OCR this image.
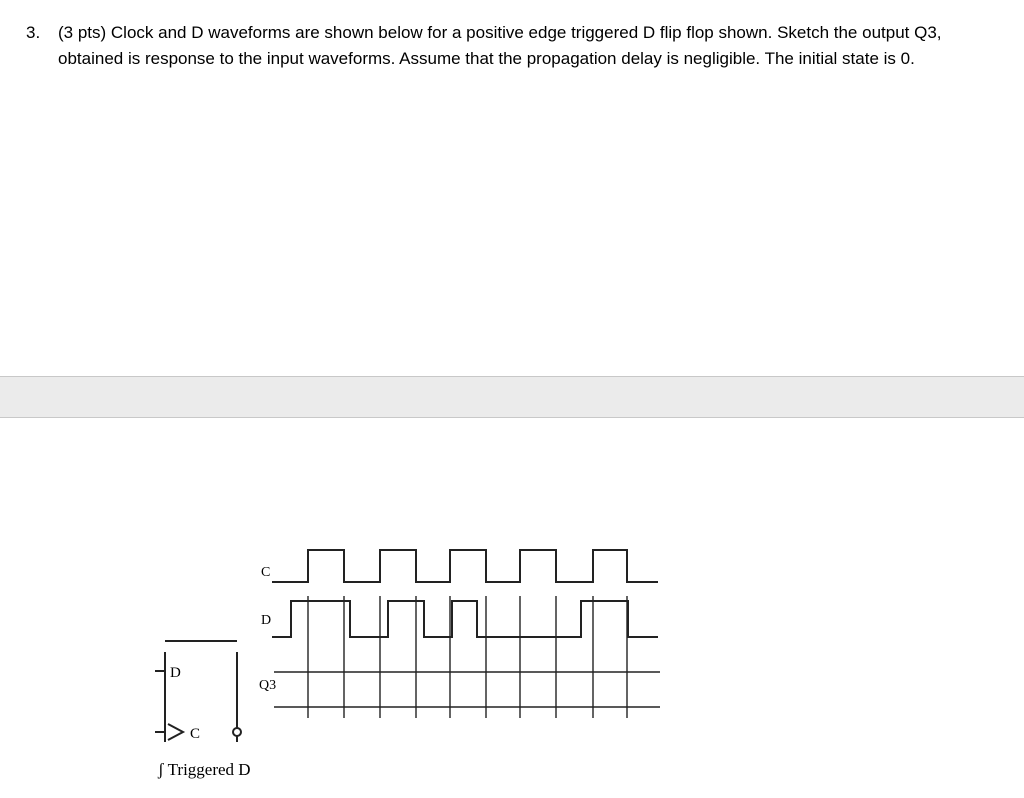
3. (3 pts) Clock and D waveforms are shown below for a positive edge triggered D flip flop shown. Sketch the output Q3, obtained is response to the input waveforms. Assume that the propagation delay is negligible. The initial state is 0.
D
C
C
D
Q3
ʃ Triggered D
